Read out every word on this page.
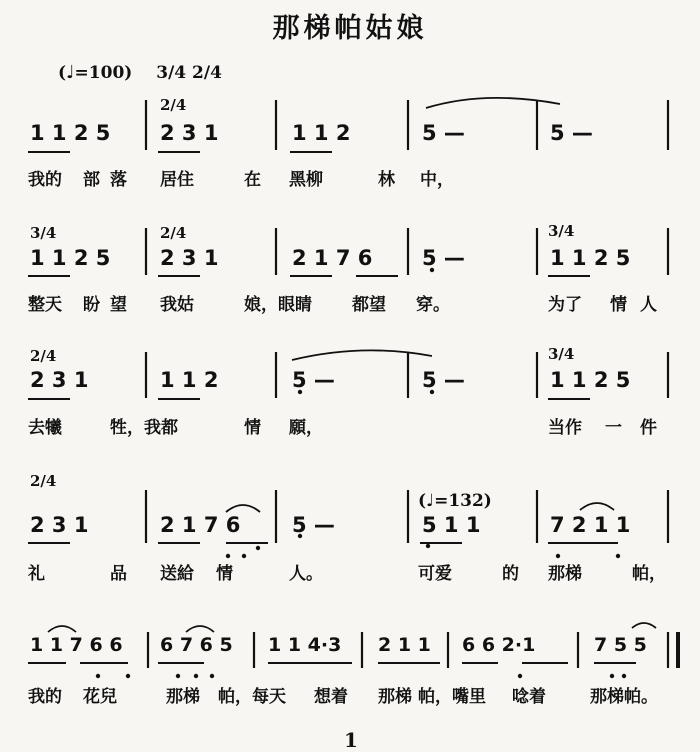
那梯帕姑娘
(♩=100) 3/4 2/4
2/4
1 1 2 5 2 3 1	1 1 2	5 —	5 —
我的 部 落 居住	在 黑柳	林 中，
3/4	2/4	3/4
1 1 2 5 2 3 1	2 1 7 6 5 —	1 1 2 5
整天 盼 望 我姑	娘，眼睛 都望 穿。	为了 情 人
2/4	3/4
2 3 1	1 1 2	5 —	5 —	1 1 2 5
去犧	牲，我都	情 願，	当作 一 件
2/4
(♩=132)
2 3 1	2 1 7 6 5 —	5 1 1	7 2 1 1
礼	品 送給 情	人。	可爱	的 那梯	帕，
1 1 7 6 6 6 7 6 5 1 1 4·3 2 1 1 6 6 2·1	7 5 5
我的 花兒	那梯 帕，每天 想着 那梯 帕，嘴里 唸着	那梯帕。
1
